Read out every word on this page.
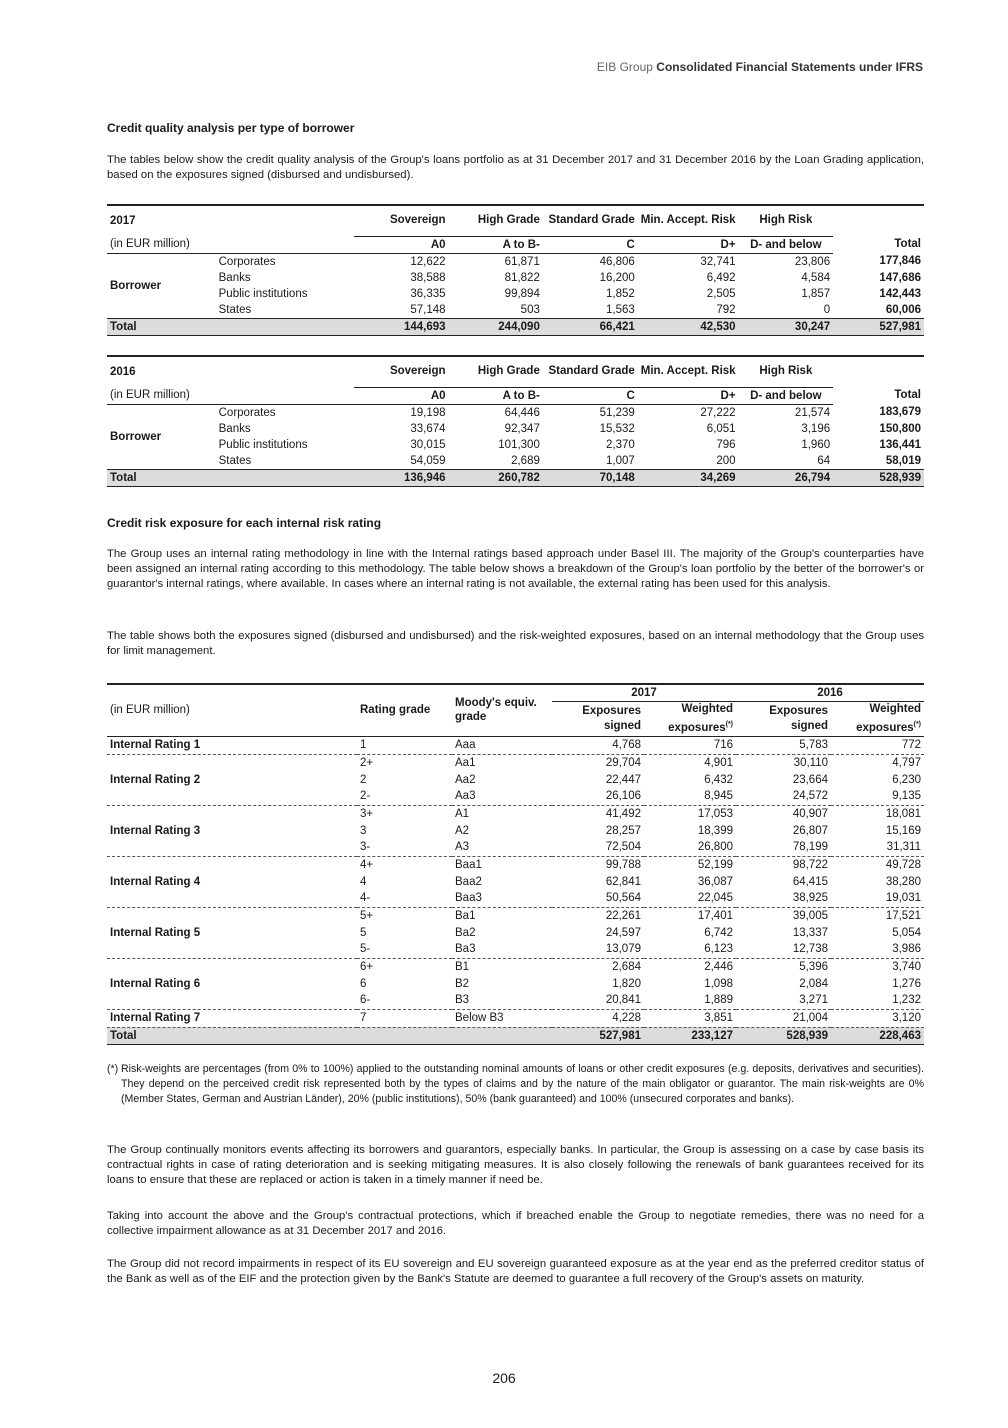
EIB Group Consolidated Financial Statements under IFRS
Credit quality analysis per type of borrower
The tables below show the credit quality analysis of the Group's loans portfolio as at 31 December 2017 and 31 December 2016 by the Loan Grading application, based on the exposures signed (disbursed and undisbursed).
2017		Sovereign	High Grade	Standard Grade	Min. Accept. Risk	High Risk	Total
(in EUR million)		A0	A to B-	C	D+	D- and below	
Borrower	Corporates	12,622	61,871	46,806	32,741	23,806	177,846
	Banks	38,588	81,822	16,200	6,492	4,584	147,686
	Public institutions	36,335	99,894	1,852	2,505	1,857	142,443
	States	57,148	503	1,563	792	0	60,006
Total		144,693	244,090	66,421	42,530	30,247	527,981
2016		Sovereign	High Grade	Standard Grade	Min. Accept. Risk	High Risk	Total
(in EUR million)		A0	A to B-	C	D+	D- and below	
Borrower	Corporates	19,198	64,446	51,239	27,222	21,574	183,679
	Banks	33,674	92,347	15,532	6,051	3,196	150,800
	Public institutions	30,015	101,300	2,370	796	1,960	136,441
	States	54,059	2,689	1,007	200	64	58,019
Total		136,946	260,782	70,148	34,269	26,794	528,939
Credit risk exposure for each internal risk rating
The Group uses an internal rating methodology in line with the Internal ratings based approach under Basel III. The majority of the Group's counterparties have been assigned an internal rating according to this methodology. The table below shows a breakdown of the Group's loan portfolio by the better of the borrower's or guarantor's internal ratings, where available. In cases where an internal rating is not available, the external rating has been used for this analysis.
The table shows both the exposures signed (disbursed and undisbursed) and the risk-weighted exposures, based on an internal methodology that the Group uses for limit management.
(in EUR million)	Rating grade	Moody's equiv. grade	2017		2016	
			Exposures signed	Weighted exposures(*)	Exposures signed	Weighted exposures(*)
Internal Rating 1	1	Aaa	4,768	716	5,783	772
Internal Rating 2	2+	Aa1	29,704	4,901	30,110	4,797
	2	Aa2	22,447	6,432	23,664	6,230
	2-	Aa3	26,106	8,945	24,572	9,135
Internal Rating 3	3+	A1	41,492	17,053	40,907	18,081
	3	A2	28,257	18,399	26,807	15,169
	3-	A3	72,504	26,800	78,199	31,311
Internal Rating 4	4+	Baa1	99,788	52,199	98,722	49,728
	4	Baa2	62,841	36,087	64,415	38,280
	4-	Baa3	50,564	22,045	38,925	19,031
Internal Rating 5	5+	Ba1	22,261	17,401	39,005	17,521
	5	Ba2	24,597	6,742	13,337	5,054
	5-	Ba3	13,079	6,123	12,738	3,986
Internal Rating 6	6+	B1	2,684	2,446	5,396	3,740
	6	B2	1,820	1,098	2,084	1,276
	6-	B3	20,841	1,889	3,271	1,232
Internal Rating 7	7	Below B3	4,228	3,851	21,004	3,120
Total			527,981	233,127	528,939	228,463
(*) Risk-weights are percentages (from 0% to 100%) applied to the outstanding nominal amounts of loans or other credit exposures (e.g. deposits, derivatives and securities). They depend on the perceived credit risk represented both by the types of claims and by the nature of the main obligator or guarantor. The main risk-weights are 0% (Member States, German and Austrian Länder), 20% (public institutions), 50% (bank guaranteed) and 100% (unsecured corporates and banks).
The Group continually monitors events affecting its borrowers and guarantors, especially banks. In particular, the Group is assessing on a case by case basis its contractual rights in case of rating deterioration and is seeking mitigating measures. It is also closely following the renewals of bank guarantees received for its loans to ensure that these are replaced or action is taken in a timely manner if need be.
Taking into account the above and the Group's contractual protections, which if breached enable the Group to negotiate remedies, there was no need for a collective impairment allowance as at 31 December 2017 and 2016.
The Group did not record impairments in respect of its EU sovereign and EU sovereign guaranteed exposure as at the year end as the preferred creditor status of the Bank as well as of the EIF and the protection given by the Bank's Statute are deemed to guarantee a full recovery of the Group's assets on maturity.
206
